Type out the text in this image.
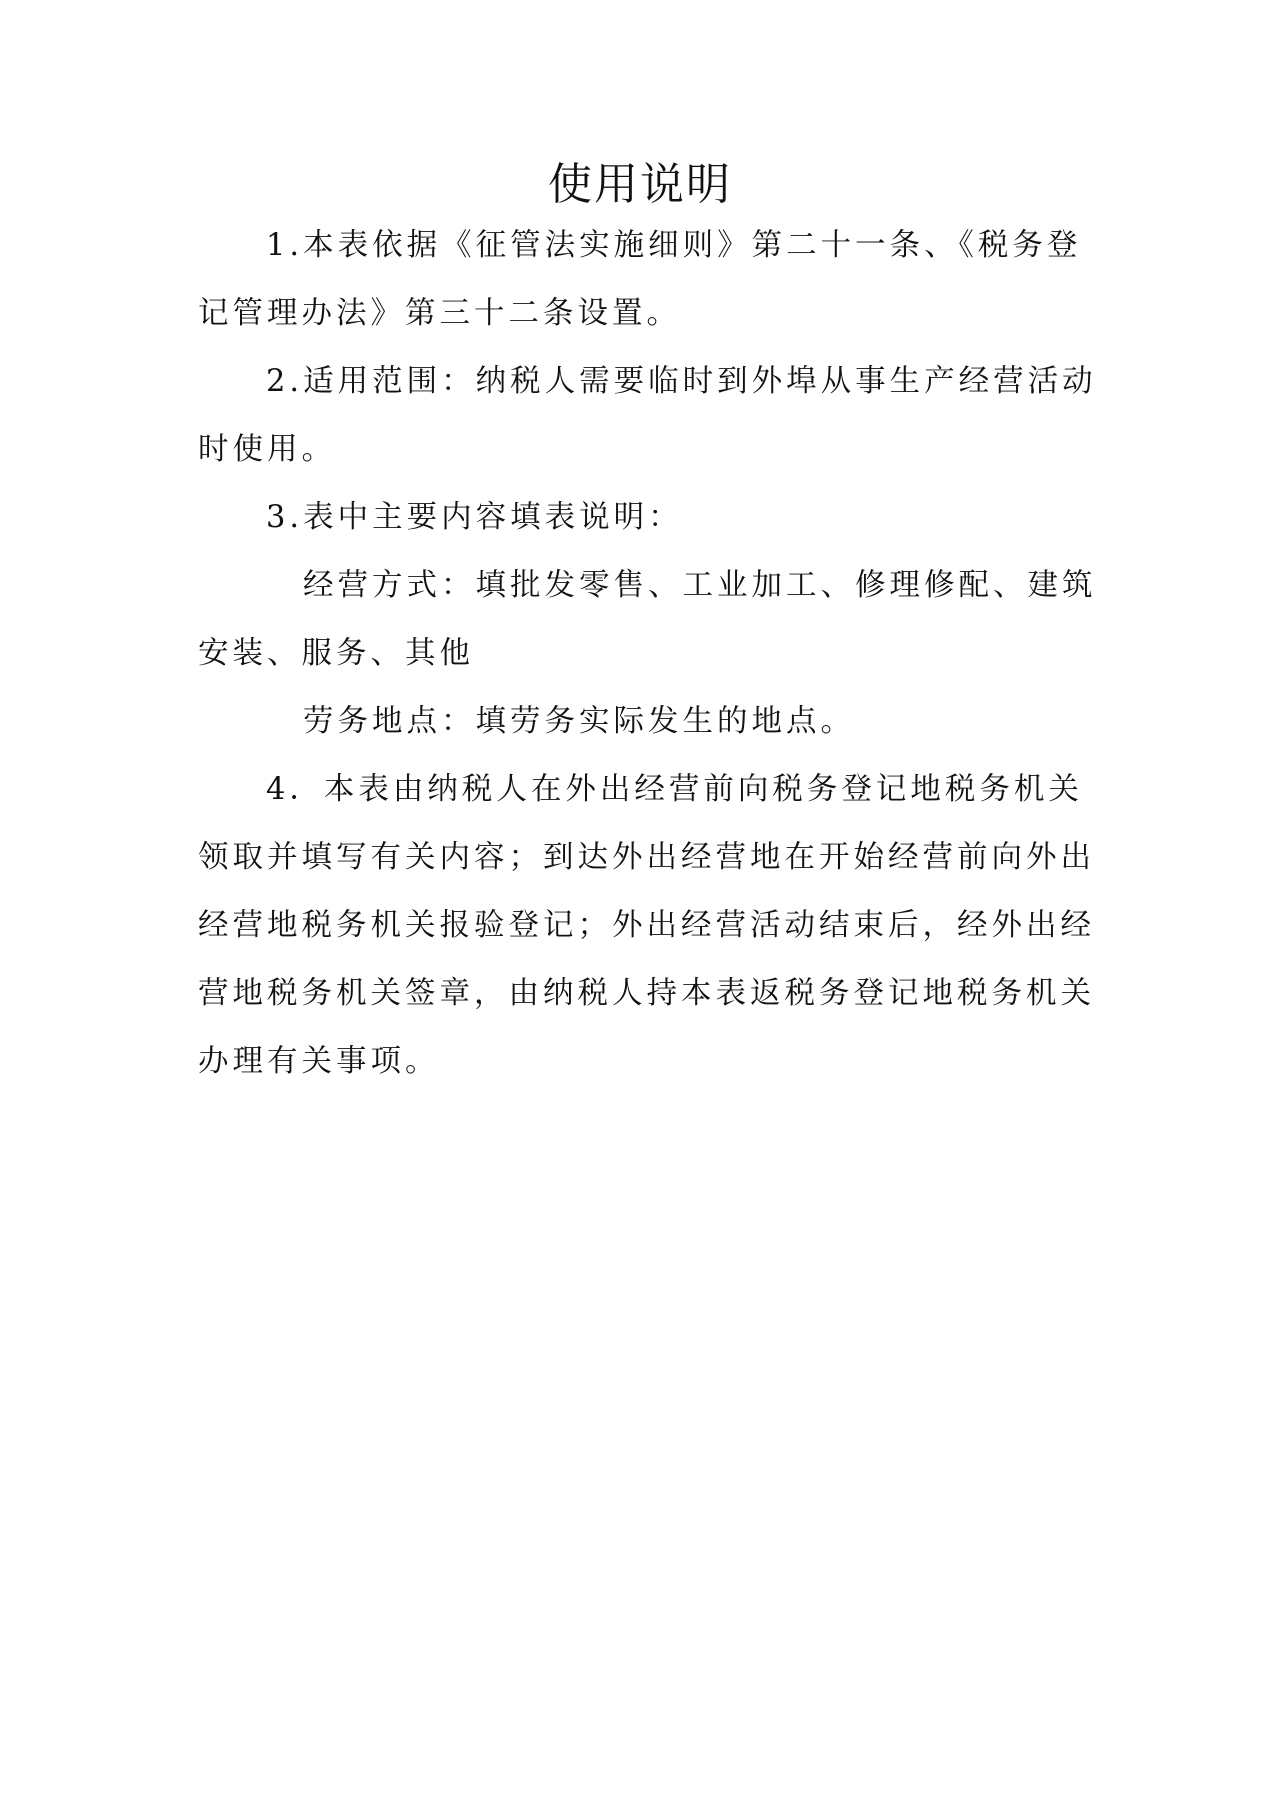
使用说明

1.本表依据《征管法实施细则》第二十一条、《税务登记管理办法》第三十二条设置。

2.适用范围：纳税人需要临时到外埠从事生产经营活动时使用。

3.表中主要内容填表说明：

经营方式：填批发零售、工业加工、修理修配、建筑安装、服务、其他

劳务地点：填劳务实际发生的地点。

4．本表由纳税人在外出经营前向税务登记地税务机关领取并填写有关内容；到达外出经营地在开始经营前向外出经营地税务机关报验登记；外出经营活动结束后，经外出经营地税务机关签章，由纳税人持本表返税务登记地税务机关办理有关事项。
